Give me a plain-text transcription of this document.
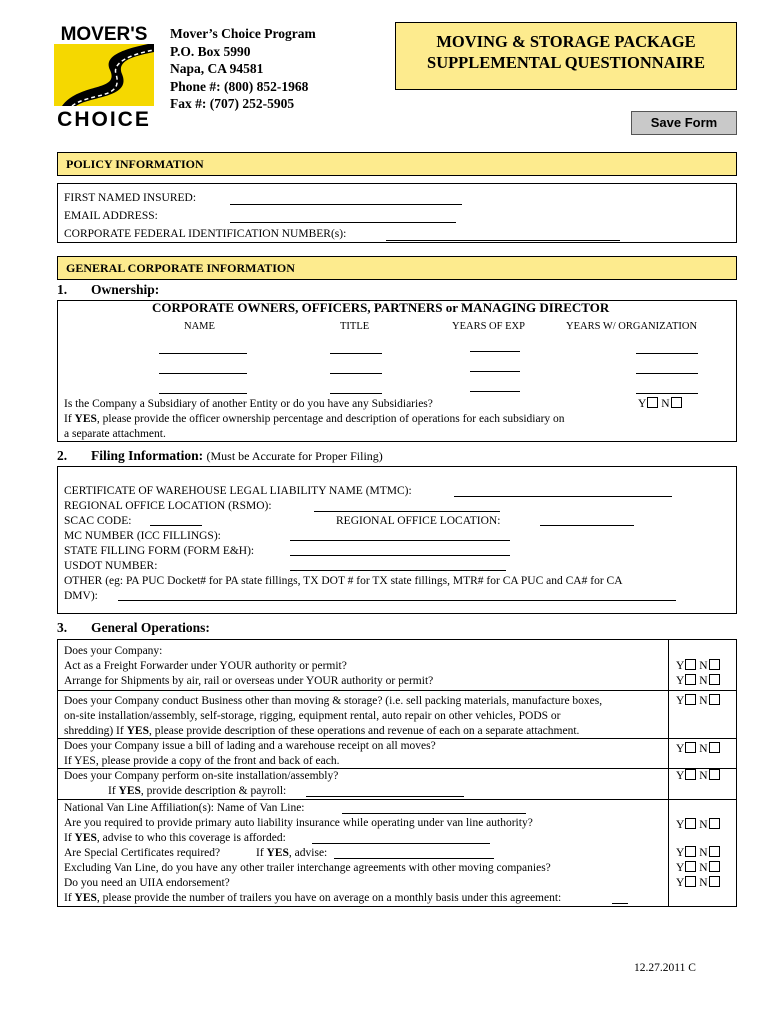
MOVER'S
CHOICE
Mover’s Choice Program
P.O. Box 5990
Napa, CA 94581
Phone #: (800) 852-1968
Fax #: (707) 252-5905
MOVING & STORAGE PACKAGE
SUPPLEMENTAL QUESTIONNAIRE
Save Form
POLICY INFORMATION
FIRST NAMED INSURED:
EMAIL ADDRESS:
CORPORATE FEDERAL IDENTIFICATION NUMBER(s):
GENERAL CORPORATE INFORMATION
1. Ownership:
CORPORATE OWNERS, OFFICERS, PARTNERS or MANAGING DIRECTOR
NAME	TITLE	YEARS OF EXP	YEARS W/ ORGANIZATION
Is the Company a Subsidiary of another Entity or do you have any Subsidiaries?	Y N
If YES, please provide the officer ownership percentage and description of operations for each subsidiary on
a separate attachment.
2. Filing Information: (Must be Accurate for Proper Filing)
CERTIFICATE OF WAREHOUSE LEGAL LIABILITY NAME (MTMC):
REGIONAL OFFICE LOCATION (RSMO):
SCAC CODE:	REGIONAL OFFICE LOCATION:
MC NUMBER (ICC FILLINGS):
STATE FILLING FORM (FORM E&H):
USDOT NUMBER:
OTHER (eg: PA PUC Docket# for PA state fillings, TX DOT # for TX state fillings, MTR# for CA PUC and CA# for CA
DMV):
3. General Operations:
Does your Company:
Act as a Freight Forwarder under YOUR authority or permit?	Y N
Arrange for Shipments by air, rail or overseas under YOUR authority or permit?	Y N
Does your Company conduct Business other than moving & storage? (i.e. sell packing materials, manufacture boxes,	Y N
on-site installation/assembly, self-storage, rigging, equipment rental, auto repair on other vehicles, PODS or
shredding) If YES, please provide description of these operations and revenue of each on a separate attachment.
Does your Company issue a bill of lading and a warehouse receipt on all moves?	Y N
If YES, please provide a copy of the front and back of each.
Does your Company perform on-site installation/assembly?	Y N
If YES, provide description & payroll:
National Van Line Affiliation(s): Name of Van Line:
Are you required to provide primary auto liability insurance while operating under van line authority?	Y N
If YES, advise to who this coverage is afforded:
Are Special Certificates required?	If YES, advise:	Y N
Excluding Van Line, do you have any other trailer interchange agreements with other moving companies?	Y N
Do you need an UIIA endorsement?	Y N
If YES, please provide the number of trailers you have on average on a monthly basis under this agreement:
12.27.2011 C
